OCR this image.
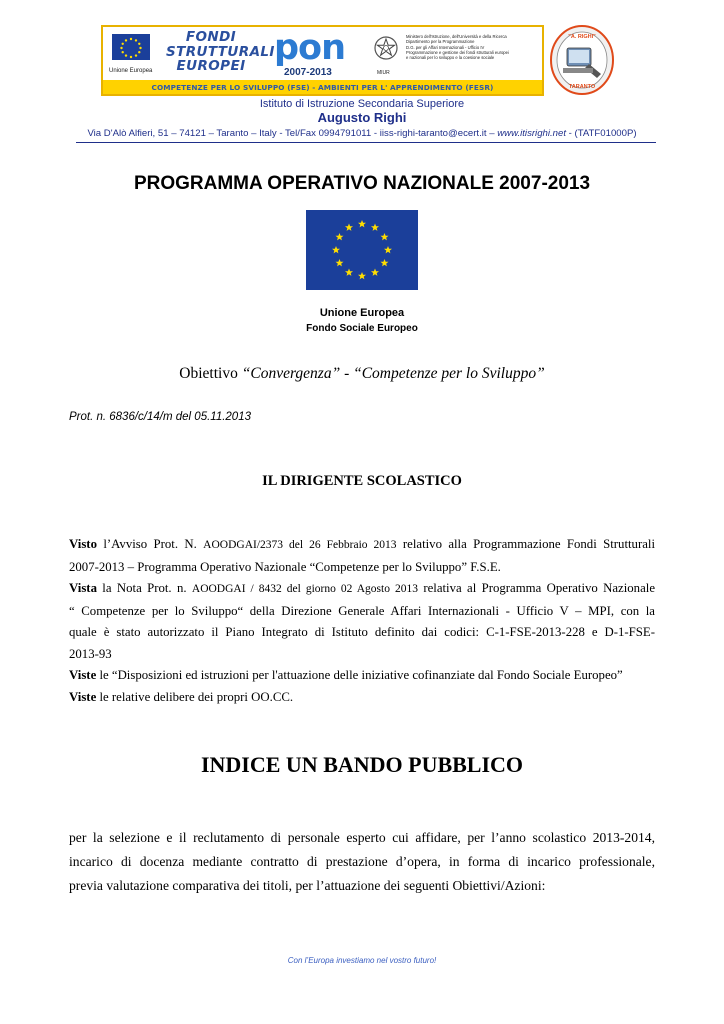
Unione Europea
FONDI
STRUTTURALI
EUROPEI pon
2007-2013	MIUR
Ministero dell'Istruzione, dell'Università e della Ricerca
Dipartimento per la Programmazione
D.G. per gli Affari Internazionali - Ufficio IV
Programmazione e gestione dei fondi strutturali europei
e nazionali per lo sviluppo e la coesione sociale
COMPETENZE PER LO SVILUPPO (FSE) - AMBIENTI PER L' APPRENDIMENTO (FESR)
"A. RIGHI"
TARANTO
Istituto di Istruzione Secondaria Superiore
Augusto Righi
Via D'Alò Alfieri, 51 – 74121 – Taranto – Italy - Tel/Fax 0994791011 - iiss-righi-taranto@ecert.it – www.itisrighi.net - (TATF01000P)
PROGRAMMA OPERATIVO NAZIONALE 2007-2013
Unione Europea
Fondo Sociale Europeo
Obiettivo “Convergenza” - “Competenze per lo Sviluppo”
Prot. n. 6836/c/14/m del 05.11.2013
IL DIRIGENTE SCOLASTICO
Visto l’Avviso Prot. N. AOODGAI/2373 del 26 Febbraio 2013 relativo alla Programmazione Fondi Strutturali
2007-2013 – Programma Operativo Nazionale “Competenze per lo Sviluppo” F.S.E.
Vista la Nota Prot. n. AOODGAI / 8432 del giorno 02 Agosto 2013 relativa al Programma Operativo Nazionale
“ Competenze per lo Sviluppo“ della Direzione Generale Affari Internazionali - Ufficio V – MPI, con la
quale è stato autorizzato il Piano Integrato di Istituto definito dai codici: C-1-FSE-2013-228 e D-1-FSE-
2013-93
Viste le “Disposizioni ed istruzioni per l'attuazione delle iniziative cofinanziate dal Fondo Sociale Europeo”
Viste le relative delibere dei propri OO.CC.
INDICE UN BANDO PUBBLICO
per la selezione e il reclutamento di personale esperto cui affidare, per l’anno scolastico 2013-2014,
incarico di docenza mediante contratto di prestazione d’opera, in forma di incarico professionale,
previa valutazione comparativa dei titoli, per l’attuazione dei seguenti Obiettivi/Azioni:
Con l’Europa investiamo nel vostro futuro!
